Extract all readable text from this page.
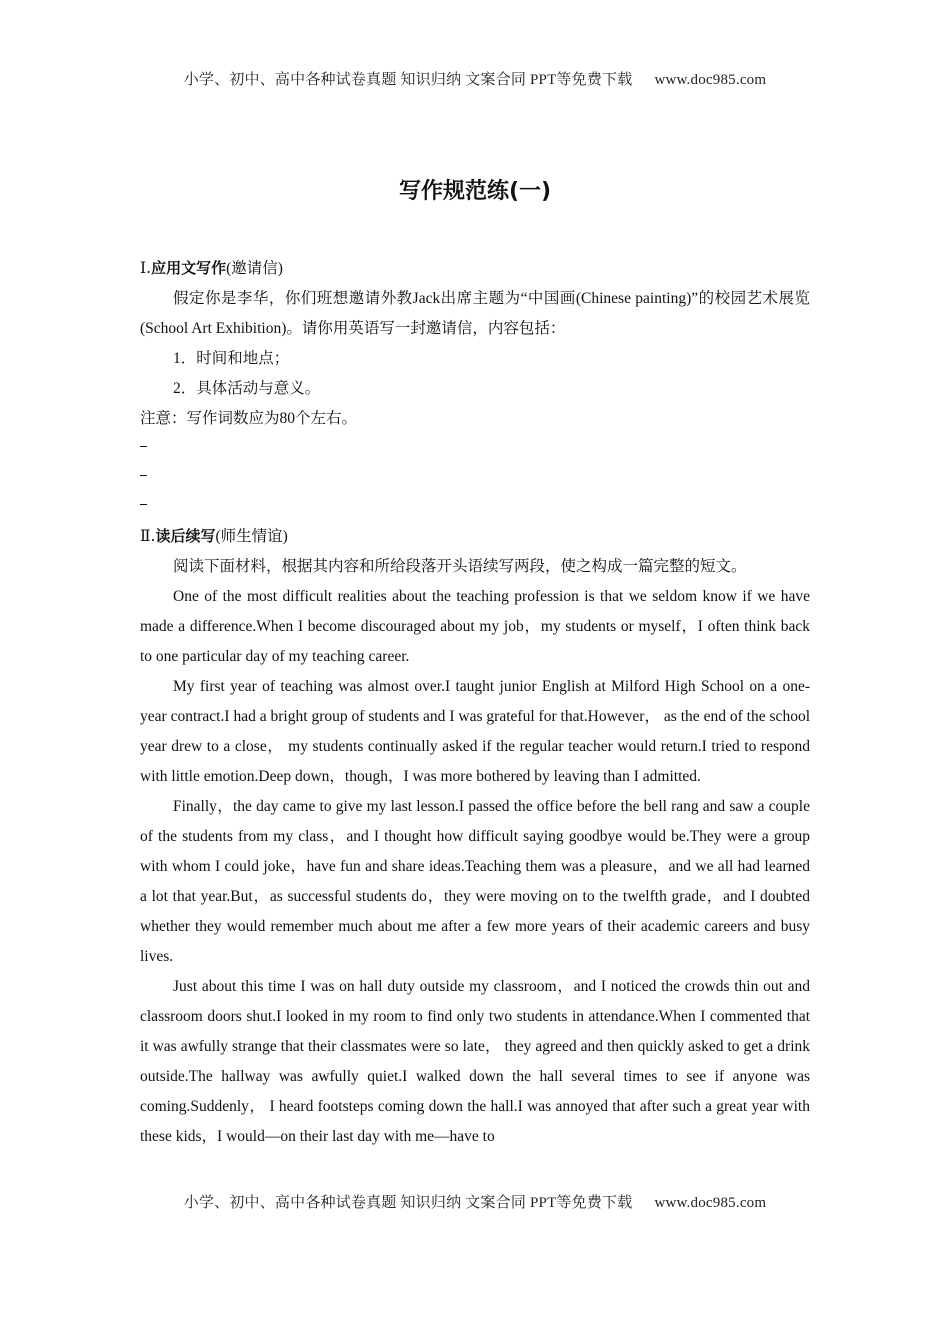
小学、初中、高中各种试卷真题 知识归纳 文案合同 PPT等免费下载 www.doc985.com
写作规范练(一)

Ⅰ.应用文写作(邀请信)

假定你是李华，你们班想邀请外教Jack出席主题为“中国画(Chinese painting)”的校园艺术展览(School Art Exhibition)。请你用英语写一封邀请信，内容包括：

1．时间和地点；

2．具体活动与意义。

注意：写作词数应为80个左右。

Ⅱ.读后续写(师生情谊)

阅读下面材料，根据其内容和所给段落开头语续写两段，使之构成一篇完整的短文。

One of the most difficult realities about the teaching profession is that we seldom know if we have made a difference.When I become discouraged about my job，my students or myself，I often think back to one particular day of my teaching career.

My first year of teaching was almost over.I taught junior English at Milford High School on a one-year contract.I had a bright group of students and I was grateful for that.However， as the end of the school year drew to a close， my students continually asked if the regular teacher would return.I tried to respond with little emotion.Deep down，though，I was more bothered by leaving than I admitted.

Finally，the day came to give my last lesson.I passed the office before the bell rang and saw a couple of the students from my class，and I thought how difficult saying goodbye would be.They were a group with whom I could joke，have fun and share ideas.Teaching them was a pleasure，and we all had learned a lot that year.But，as successful students do，they were moving on to the twelfth grade，and I doubted whether they would remember much about me after a few more years of their academic careers and busy lives.

Just about this time I was on hall duty outside my classroom，and I noticed the crowds thin out and classroom doors shut.I looked in my room to find only two students in attendance.When I commented that it was awfully strange that their classmates were so late， they agreed and then quickly asked to get a drink outside.The hallway was awfully quiet.I walked down the hall several times to see if anyone was coming.Suddenly， I heard footsteps coming down the hall.I was annoyed that after such a great year with these kids，I would—on their last day with me—have to

小学、初中、高中各种试卷真题 知识归纳 文案合同 PPT等免费下载 www.doc985.com
